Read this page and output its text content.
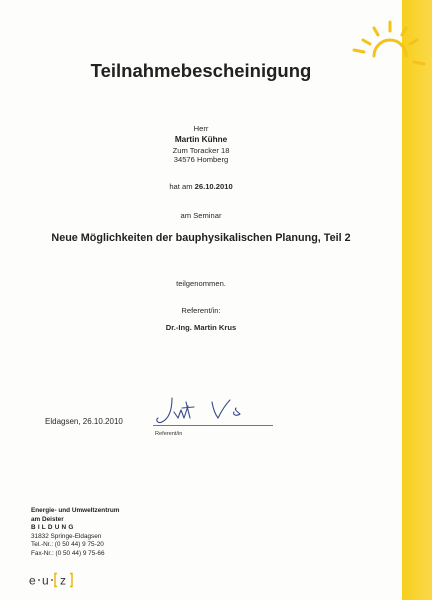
Teilnahmebescheinigung
Herr
Martin Kühne
Zum Toracker 18
34576 Homberg
hat am 26.10.2010
am Seminar
Neue Möglichkeiten der bauphysikalischen Planung, Teil 2
teilgenommen.
Referent/in:
Dr.-Ing. Martin Krus
Eldagsen, 26.10.2010
Referent/in
Energie- und Umweltzentrum
am Deister
BILDUNG
31832 Springe-Eldagsen
Tel.-Nr.: (0 50 44) 9 75-20
Fax-Nr.: (0 50 44) 9 75-66
e u z
